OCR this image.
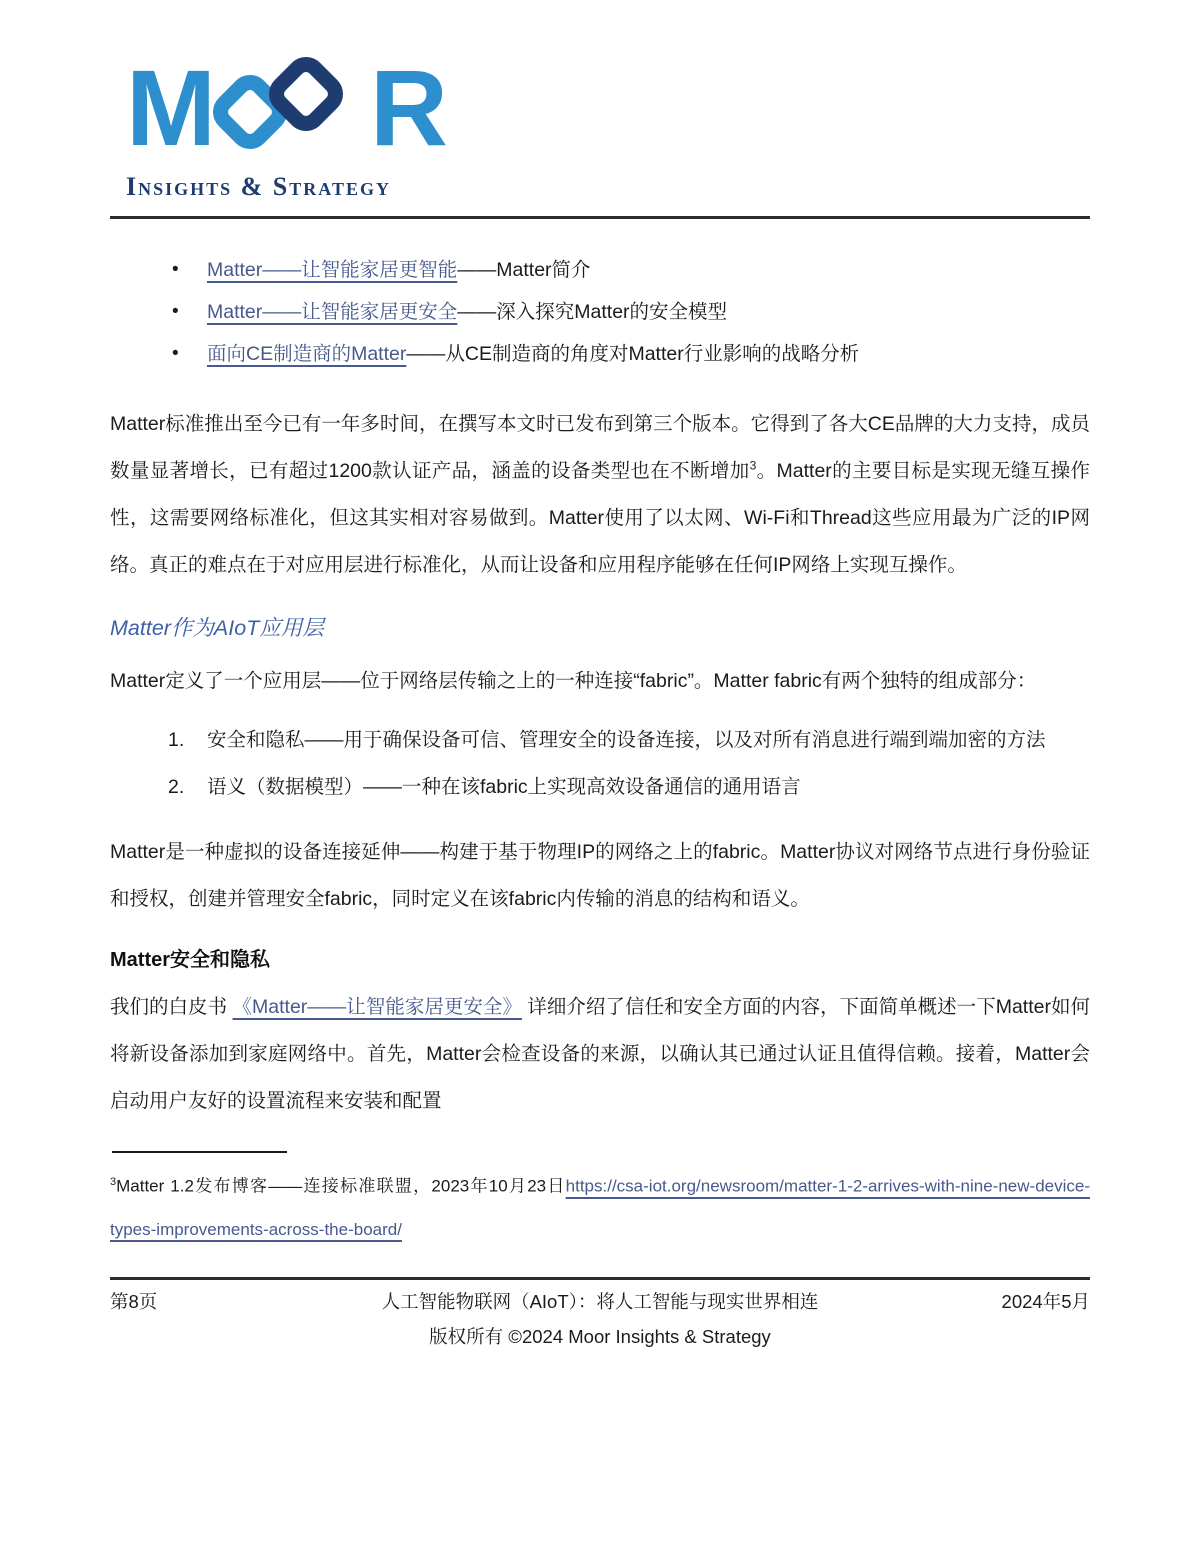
M R
Insights & Strategy
• Matter——让智能家居更智能——Matter简介
• Matter——让智能家居更安全——深入探究Matter的安全模型
• 面向CE制造商的Matter——从CE制造商的角度对Matter行业影响的战略分析

Matter标准推出至今已有一年多时间，在撰写本文时已发布到第三个版本。它得到了各大CE品牌的大力支持，成员数量显著增长，已有超过1200款认证产品，涵盖的设备类型也在不断增加$^3$。Matter的主要目标是实现无缝互操作性，这需要网络标准化，但这其实相对容易做到。Matter使用了以太网、Wi-Fi和Thread这些应用最为广泛的IP网络。真正的难点在于对应用层进行标准化，从而让设备和应用程序能够在任何IP网络上实现互操作。

Matter作为AIoT应用层

Matter定义了一个应用层——位于网络层传输之上的一种连接“fabric”。Matter fabric有两个独特的组成部分：

1. 安全和隐私——用于确保设备可信、管理安全的设备连接，以及对所有消息进行端到端加密的方法
2. 语义（数据模型）——一种在该fabric上实现高效设备通信的通用语言

Matter是一种虚拟的设备连接延伸——构建于基于物理IP的网络之上的fabric。Matter协议对网络节点进行身份验证和授权，创建并管理安全fabric，同时定义在该fabric内传输的消息的结构和语义。

Matter安全和隐私

我们的白皮书 《Matter——让智能家居更安全》 详细介绍了信任和安全方面的内容，下面简单概述一下Matter如何将新设备添加到家庭网络中。首先，Matter会检查设备的来源，以确认其已通过认证且值得信赖。接着，Matter会启动用户友好的设置流程来安装和配置

$^3$Matter 1.2发布博客——连接标准联盟，2023年10月23日https://csa-iot.org/newsroom/matter-1-2-arrives-with-nine-new-device-types-improvements-across-the-board/

第8页	人工智能物联网（AIoT）：将人工智能与现实世界相连	2024年5月
版权所有 ©2024 Moor Insights & Strategy
